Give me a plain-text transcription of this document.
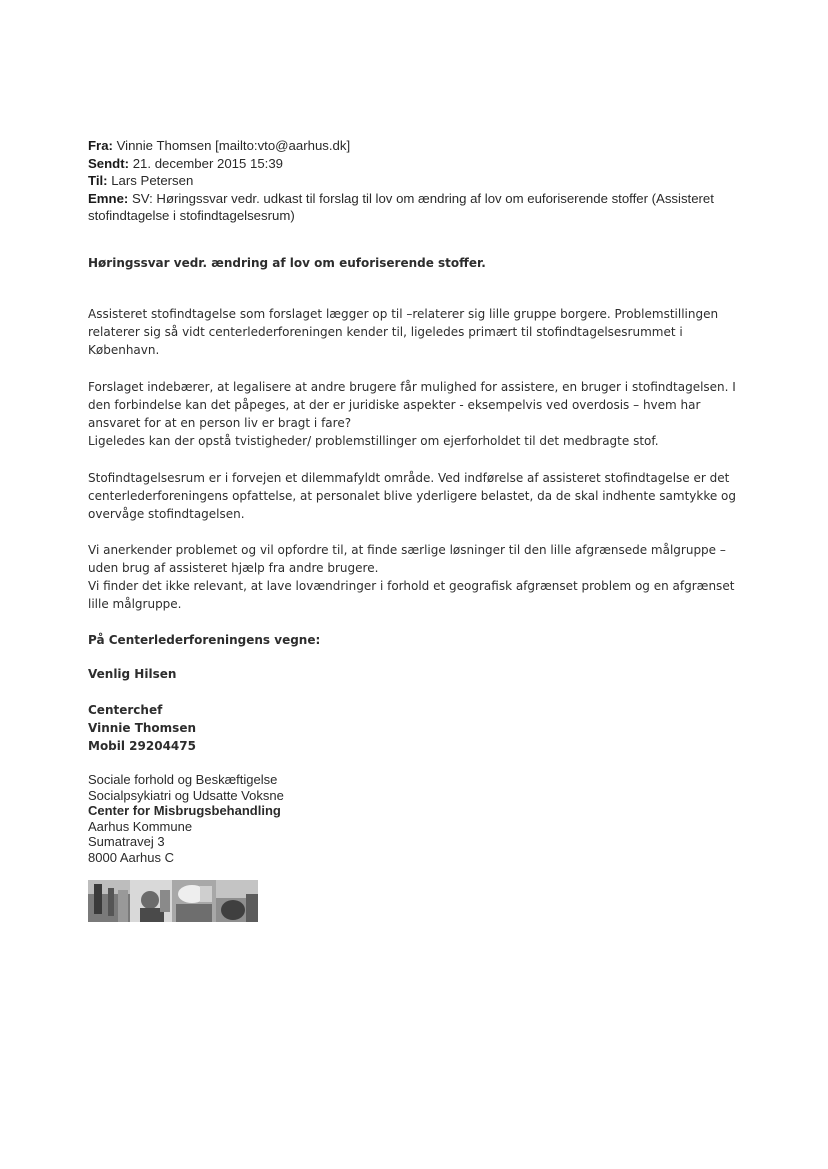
Fra: Vinnie Thomsen [mailto:vto@aarhus.dk]
Sendt: 21. december 2015 15:39
Til: Lars Petersen
Emne: SV: Høringssvar vedr. udkast til forslag til lov om ændring af lov om euforiserende stoffer (Assisteret stofindtagelse i stofindtagelsesrum)
Høringssvar vedr. ændring af lov om euforiserende stoffer.
Assisteret stofindtagelse som forslaget lægger op til –relaterer sig lille gruppe borgere. Problemstillingen relaterer sig så vidt centerlederforeningen kender til, ligeledes primært til stofindtagelsesrummet i København.
Forslaget indebærer, at legalisere at andre brugere får mulighed for assistere, en bruger i stofindtagelsen. I den forbindelse kan det påpeges, at der er juridiske aspekter - eksempelvis ved overdosis – hvem har ansvaret for at en person liv er bragt i fare?
Ligeledes kan der opstå tvistigheder/ problemstillinger om ejerforholdet til det medbragte stof.
Stofindtagelsesrum er i forvejen et dilemmafyldt område. Ved indførelse af assisteret stofindtagelse er det centerlederforeningens opfattelse, at personalet blive yderligere belastet, da de skal indhente samtykke og overvåge stofindtagelsen.
Vi anerkender problemet og vil opfordre til, at finde særlige løsninger til den lille afgrænsede målgruppe – uden brug af assisteret hjælp fra andre brugere.
Vi finder det ikke relevant, at lave lovændringer i forhold et geografisk afgrænset problem og en afgrænset lille målgruppe.
På Centerlederforeningens vegne:
Venlig Hilsen
Centerchef
Vinnie Thomsen
Mobil 29204475
Sociale forhold og Beskæftigelse
Socialpsykiatri og Udsatte Voksne
Center for Misbrugsbehandling
Aarhus Kommune
Sumatravej 3
8000 Aarhus C
